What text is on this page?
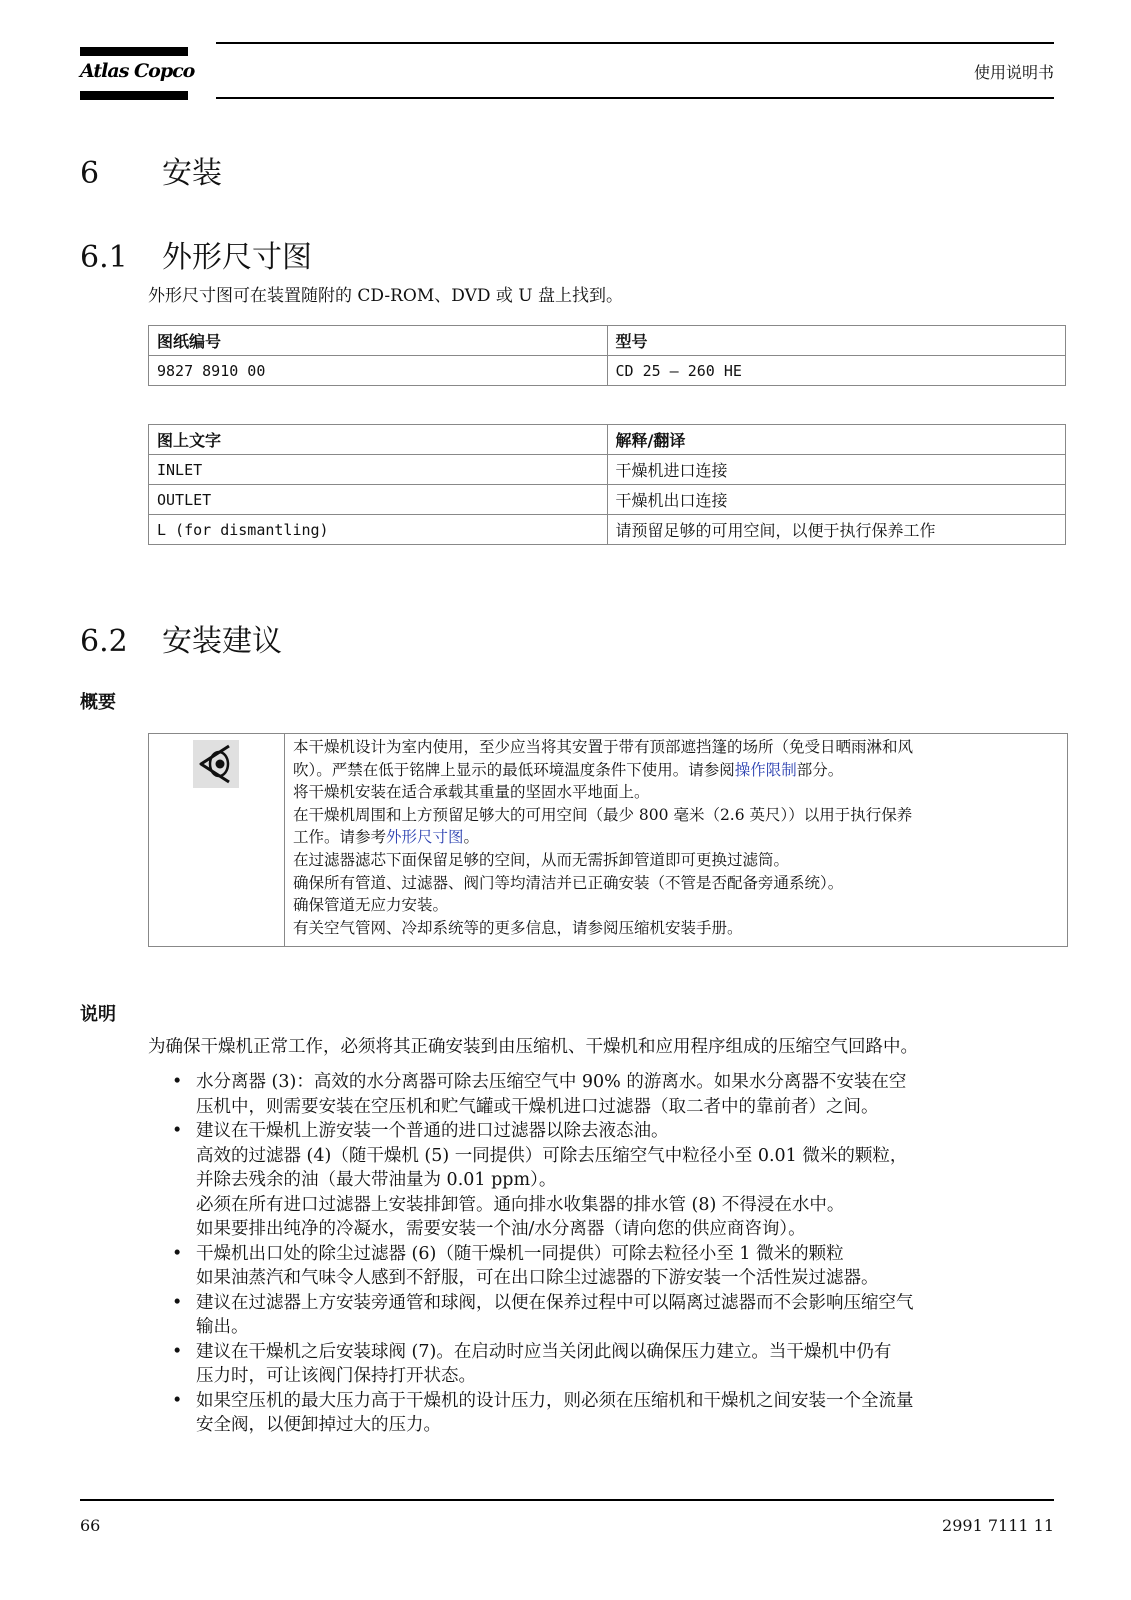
Atlas Copco	使用说明书
6 安装
6.1 外形尺寸图
外形尺寸图可在装置随附的 CD-ROM、DVD 或 U 盘上找到。
图纸编号	型号
9827 8910 00	CD 25 – 260 HE
图上文字	解释/翻译
INLET	干燥机进口连接
OUTLET	干燥机出口连接
L (for dismantling)	请预留足够的可用空间，以便于执行保养工作
6.2 安装建议
概要

本干燥机设计为室内使用，至少应当将其安置于带有顶部遮挡篷的场所（免受日晒雨淋和风

吹）。严禁在低于铭牌上显示的最低环境温度条件下使用。请参阅操作限制部分。

将干燥机安装在适合承载其重量的坚固水平地面上。

在干燥机周围和上方预留足够大的可用空间（最少 800 毫米（2.6 英尺））以用于执行保养

工作。请参考外形尺寸图。

在过滤器滤芯下面保留足够的空间，从而无需拆卸管道即可更换过滤筒。

确保所有管道、过滤器、阀门等均清洁并已正确安装（不管是否配备旁通系统）。

确保管道无应力安装。

有关空气管网、冷却系统等的更多信息，请参阅压缩机安装手册。

说明
为确保干燥机正常工作，必须将其正确安装到由压缩机、干燥机和应用程序组成的压缩空气回路中。
• 水分离器 (3)：高效的水分离器可除去压缩空气中 90% 的游离水。如果水分离器不安装在空

压机中，则需要安装在空压机和贮气罐或干燥机进口过滤器（取二者中的靠前者）之间。

• 建议在干燥机上游安装一个普通的进口过滤器以除去液态油。

高效的过滤器 (4)（随干燥机 (5) 一同提供）可除去压缩空气中粒径小至 0.01 微米的颗粒，

并除去残余的油（最大带油量为 0.01 ppm）。

必须在所有进口过滤器上安装排卸管。通向排水收集器的排水管 (8) 不得浸在水中。

如果要排出纯净的冷凝水，需要安装一个油/水分离器（请向您的供应商咨询）。

• 干燥机出口处的除尘过滤器 (6)（随干燥机一同提供）可除去粒径小至 1 微米的颗粒

如果油蒸汽和气味令人感到不舒服，可在出口除尘过滤器的下游安装一个活性炭过滤器。

• 建议在过滤器上方安装旁通管和球阀，以便在保养过程中可以隔离过滤器而不会影响压缩空气

输出。

• 建议在干燥机之后安装球阀 (7)。在启动时应当关闭此阀以确保压力建立。当干燥机中仍有

压力时，可让该阀门保持打开状态。

• 如果空压机的最大压力高于干燥机的设计压力，则必须在压缩机和干燥机之间安装一个全流量

安全阀，以便卸掉过大的压力。

66	2991 7111 11
